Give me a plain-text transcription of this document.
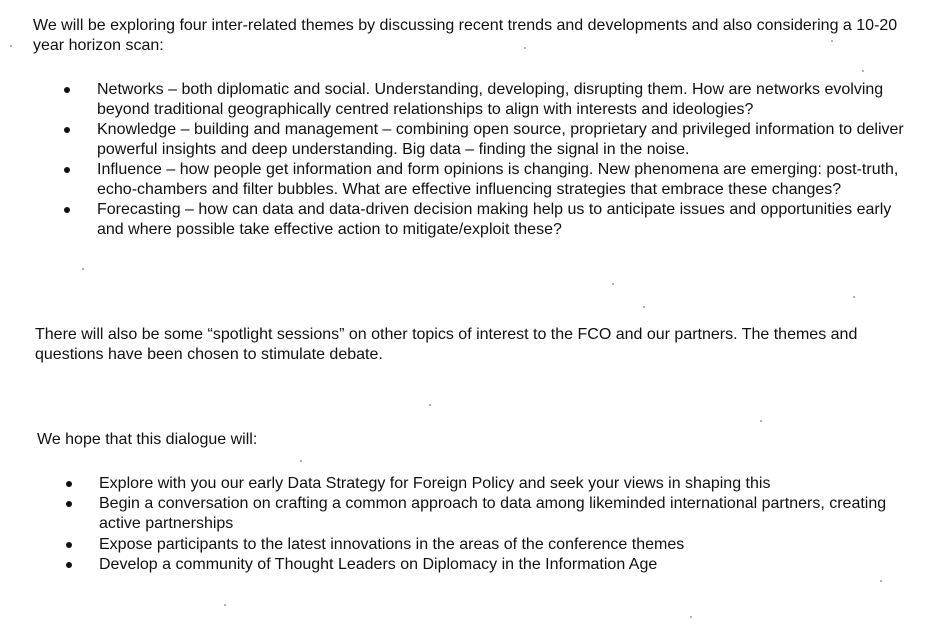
We will be exploring four inter-related themes by discussing recent trends and developments and also considering a 10-20 year horizon scan:

Networks – both diplomatic and social. Understanding, developing, disrupting them. How are networks evolving beyond traditional geographically centred relationships to align with interests and ideologies?
Knowledge – building and management – combining open source, proprietary and privileged information to deliver powerful insights and deep understanding. Big data – finding the signal in the noise.
Influence – how people get information and form opinions is changing. New phenomena are emerging: post-truth, echo-chambers and filter bubbles. What are effective influencing strategies that embrace these changes?
Forecasting – how can data and data-driven decision making help us to anticipate issues and opportunities early and where possible take effective action to mitigate/exploit these?

There will also be some “spotlight sessions” on other topics of interest to the FCO and our partners. The themes and questions have been chosen to stimulate debate.

We hope that this dialogue will:

Explore with you our early Data Strategy for Foreign Policy and seek your views in shaping this
Begin a conversation on crafting a common approach to data among likeminded international partners, creating active partnerships
Expose participants to the latest innovations in the areas of the conference themes
Develop a community of Thought Leaders on Diplomacy in the Information Age
